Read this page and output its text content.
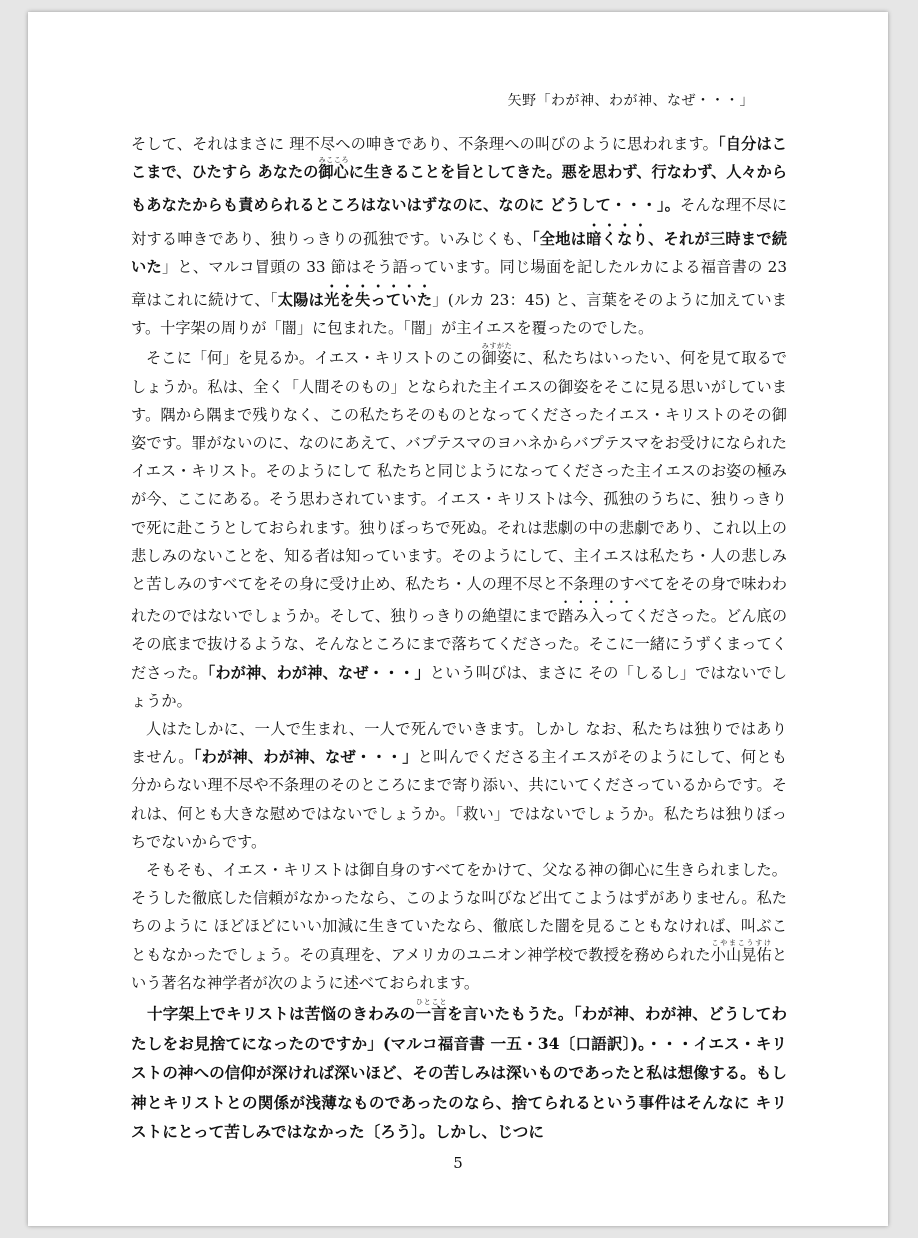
矢野「わが神、わが神、なぜ・・・」

そして、それはまさに 理不尽への呻きであり、不条理への叫びのように思われます。「自分はここまで、ひたすら あなたの御心みこころに生きることを旨としてきた。悪を思わず、行なわず、人々からもあなたからも責められるところはないはずなのに、なのに どうして・・・」。そんな理不尽に対する呻きであり、独りっきりの孤独です。いみじくも、「全地は暗くなり、それが三時まで続いた」と、マルコ冒頭の 33 節はそう語っています。同じ場面を記したルカによる福音書の 23 章はこれに続けて、「太陽は光を失っていた」(ルカ 23：45) と、言葉をそのように加えています。十字架の周りが「闇」に包まれた。「闇」が主イエスを覆ったのでした。

そこに「何」を見るか。イエス・キリストのこの御姿みすがたに、私たちはいったい、何を見て取るでしょうか。私は、全く「人間そのもの」となられた主イエスの御姿をそこに見る思いがしています。隅から隅まで残りなく、この私たちそのものとなってくださったイエス・キリストのその御姿です。罪がないのに、なのにあえて、バプテスマのヨハネからバプテスマをお受けになられたイエス・キリスト。そのようにして 私たちと同じようになってくださった主イエスのお姿の極みが今、ここにある。そう思わされています。イエス・キリストは今、孤独のうちに、独りっきりで死に赴こうとしておられます。独りぼっちで死ぬ。それは悲劇の中の悲劇であり、これ以上の悲しみのないことを、知る者は知っています。そのようにして、主イエスは私たち・人の悲しみと苦しみのすべてをその身に受け止め、私たち・人の理不尽と不条理のすべてをその身で味わわれたのではないでしょうか。そして、独りっきりの絶望にまで踏み入ってくださった。どん底のその底まで抜けるような、そんなところにまで落ちてくださった。そこに一緒にうずくまってくださった。「わが神、わが神、なぜ・・・」という叫びは、まさに その「しるし」ではないでしょうか。

人はたしかに、一人で生まれ、一人で死んでいきます。しかし なお、私たちは独りではありません。「わが神、わが神、なぜ・・・」と叫んでくださる主イエスがそのようにして、何とも分からない理不尽や不条理のそのところにまで寄り添い、共にいてくださっているからです。それは、何とも大きな慰めではないでしょうか。「救い」ではないでしょうか。私たちは独りぼっちでないからです。

そもそも、イエス・キリストは御自身のすべてをかけて、父なる神の御心に生きられました。そうした徹底した信頼がなかったなら、このような叫びなど出てこようはずがありません。私たちのように ほどほどにいい加減に生きていたなら、徹底した闇を見ることもなければ、叫ぶこともなかったでしょう。その真理を、アメリカのユニオン神学校で教授を務められた小山晃佑こやまこうすけという著名な神学者が次のように述べておられます。

十字架上でキリストは苦悩のきわみの一言ひとことを言いたもうた。「わが神、わが神、どうしてわたしをお見捨てになったのですか」(マルコ福音書 一五・34〔口語訳〕)。・・・イエス・キリストの神への信仰が深ければ深いほど、その苦しみは深いものであったと私は想像する。もし 神とキリストとの関係が浅薄なものであったのなら、捨てられるという事件はそんなに キリストにとって苦しみではなかった〔ろう〕。しかし、じつに
5
